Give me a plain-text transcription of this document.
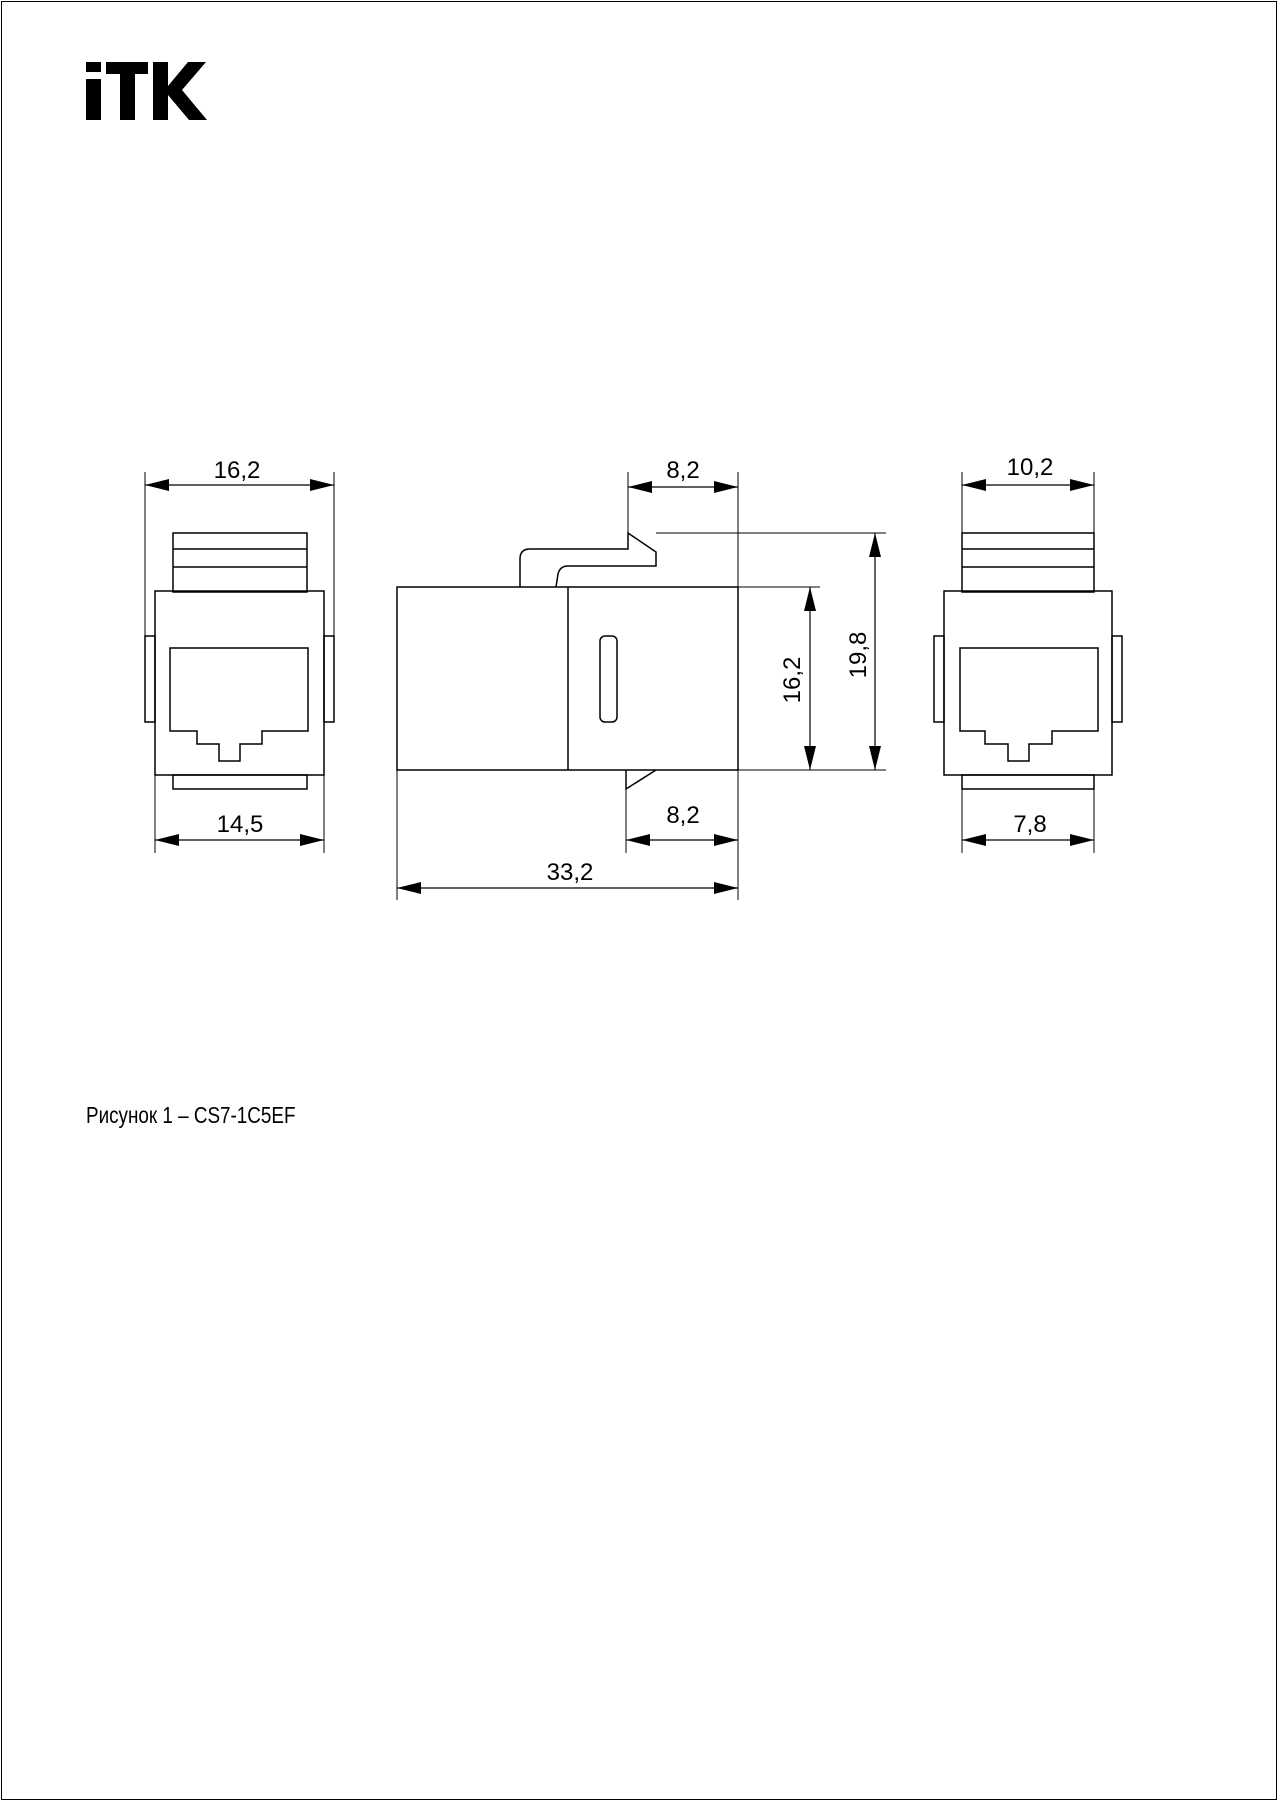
16,2
14,5
8,2
8,2
33,2
16,2
19,8
10,2
7,8
Рисунок 1 – CS7-1C5EF
